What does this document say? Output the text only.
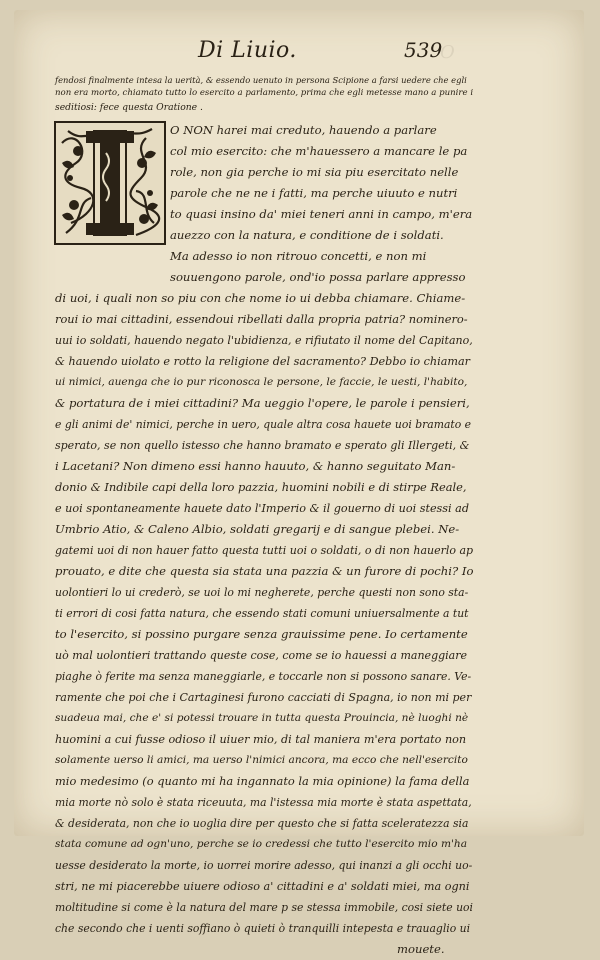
O
Di Liuio.	539
fendosi finalmente intesa la uerità, & essendo uenuto in persona Scipione a farsi uedere che egli
non era morto, chiamato tutto lo esercito a parlamento, prima che egli metesse mano a punire i
seditiosi: fece questa Oratione .
O NON harei mai creduto, hauendo a parlare
col mio esercito: che m'hauessero a mancare le pa
role, non gia perche io mi sia piu esercitato nelle
parole che ne ne i fatti, ma perche uiuuto e nutri
to quasi insino da' miei teneri anni in campo, m'era
auezzo con la natura, e conditione de i soldati.
Ma adesso io non ritrouo concetti, e non mi
souuengono parole, ond'io possa parlare appresso
di uoi, i quali non so piu con che nome io ui debba chiamare. Chiame-
roui io mai cittadini, essendoui ribellati dalla propria patria? nominero-
uui io soldati, hauendo negato l'ubidienza, e rifiutato il nome del Capitano,
& hauendo uiolato e rotto la religione del sacramento? Debbo io chiamar
ui nimici, auenga che io pur riconosca le persone, le faccie, le uesti, l'habito,
& portatura de i miei cittadini? Ma ueggio l'opere, le parole i pensieri,
e gli animi de' nimici, perche in uero, quale altra cosa hauete uoi bramato e
sperato, se non quello istesso che hanno bramato e sperato gli Illergeti, &
i Lacetani? Non dimeno essi hanno hauuto, & hanno seguitato Man-
donio & Indibile capi della loro pazzia, huomini nobili e di stirpe Reale,
e uoi spontaneamente hauete dato l'Imperio & il gouerno di uoi stessi ad
Umbrio Atio, & Caleno Albio, soldati gregarij e di sangue plebei. Ne-
gatemi uoi di non hauer fatto questa tutti uoi o soldati, o di non hauerlo ap
prouato, e dite che questa sia stata una pazzia & un furore di pochi? Io
uolontieri lo ui crederò, se uoi lo mi negherete, perche questi non sono sta-
ti errori di cosi fatta natura, che essendo stati comuni uniuersalmente a tut
to l'esercito, si possino purgare senza grauissime pene. Io certamente
uò mal uolontieri trattando queste cose, come se io hauessi a maneggiare
piaghe ò ferite ma senza maneggiarle, e toccarle non si possono sanare. Ve-
ramente che poi che i Cartaginesi furono cacciati di Spagna, io non mi per
suadeua mai, che e' si potessi trouare in tutta questa Prouincia, nè luoghi nè
huomini a cui fusse odioso il uiuer mio, di tal maniera m'era portato non
solamente uerso li amici, ma uerso l'nimici ancora, ma ecco che nell'esercito
mio medesimo (o quanto mi ha ingannato la mia opinione) la fama della
mia morte nò solo è stata riceuuta, ma l'istessa mia morte è stata aspettata,
& desiderata, non che io uoglia dire per questo che si fatta sceleratezza sia
stata comune ad ogn'uno, perche se io credessi che tutto l'esercito mio m'ha
uesse desiderato la morte, io uorrei morire adesso, qui inanzi a gli occhi uo-
stri, ne mi piacerebbe uiuere odioso a' cittadini e a' soldati miei, ma ogni
moltitudine si come è la natura del mare p se stessa immobile, cosi siete uoi
che secondo che i uenti soffiano ò quieti ò tranquilli intepesta e trauaglio ui
mouete.
